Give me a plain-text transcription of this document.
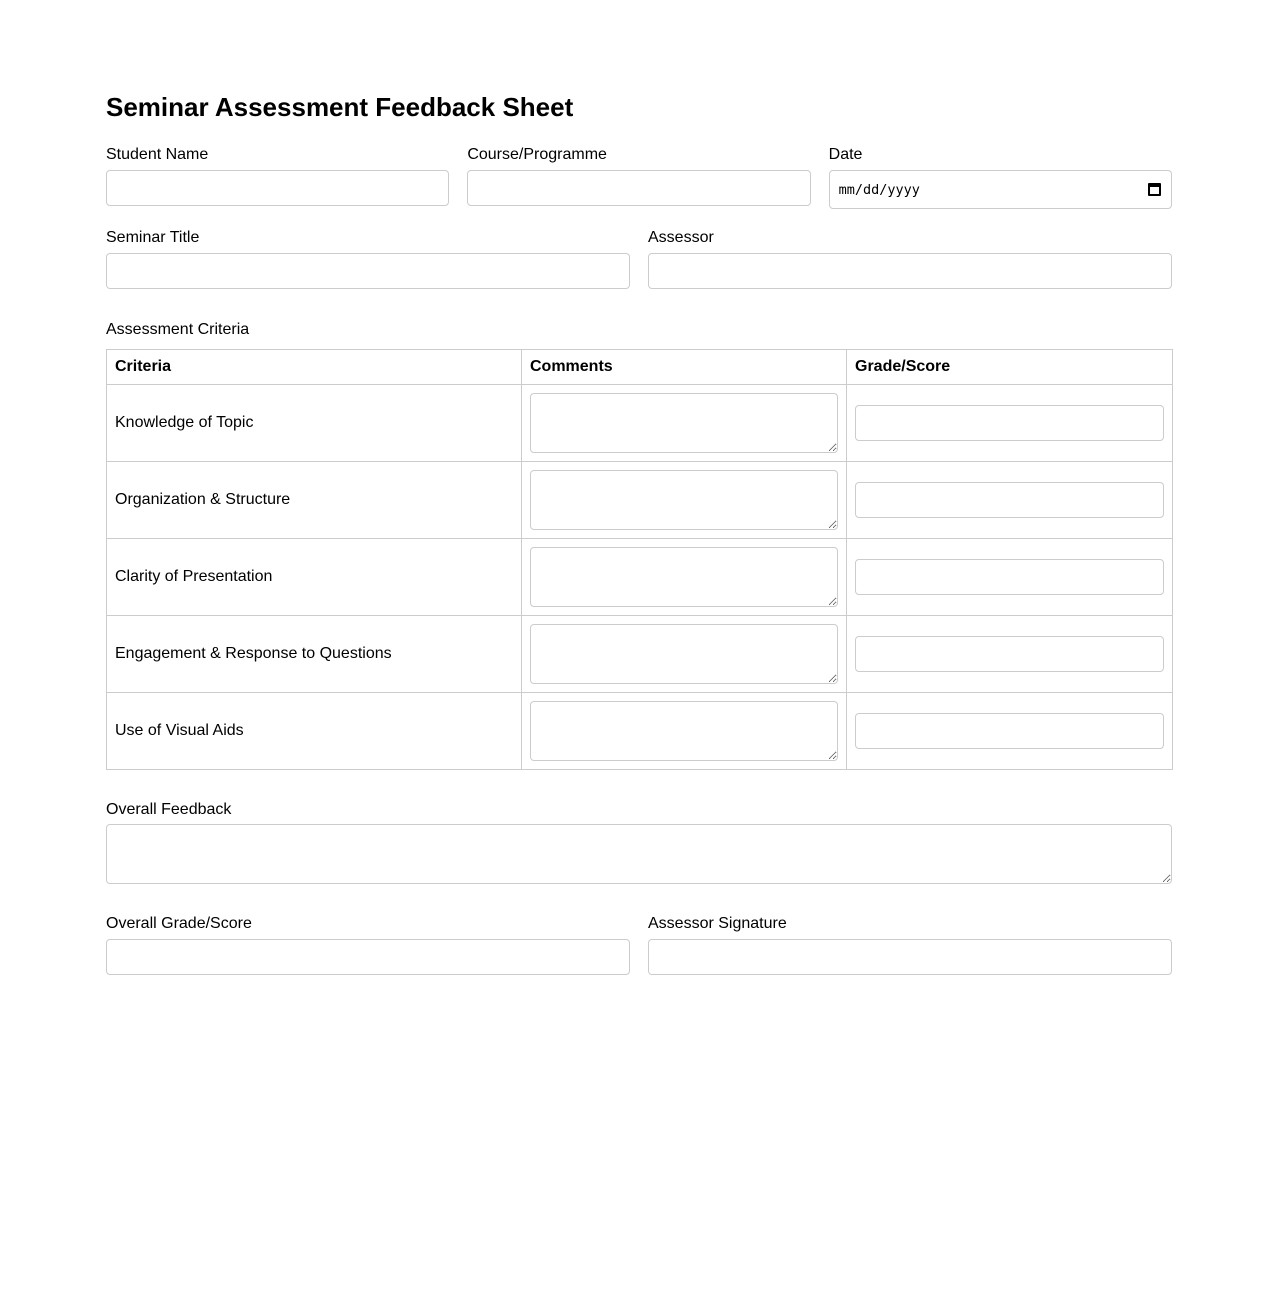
Seminar Assessment Feedback Sheet
Student Name	Course/Programme	Date
mm/dd/yyyy
Seminar Title	Assessor
Assessment Criteria
Criteria	Comments	Grade/Score
Knowledge of Topic	

Organization & Structure	

Clarity of Presentation	

Engagement & Response to Questions	

Use of Visual Aids	

Overall Feedback
Overall Grade/Score	Assessor Signature
